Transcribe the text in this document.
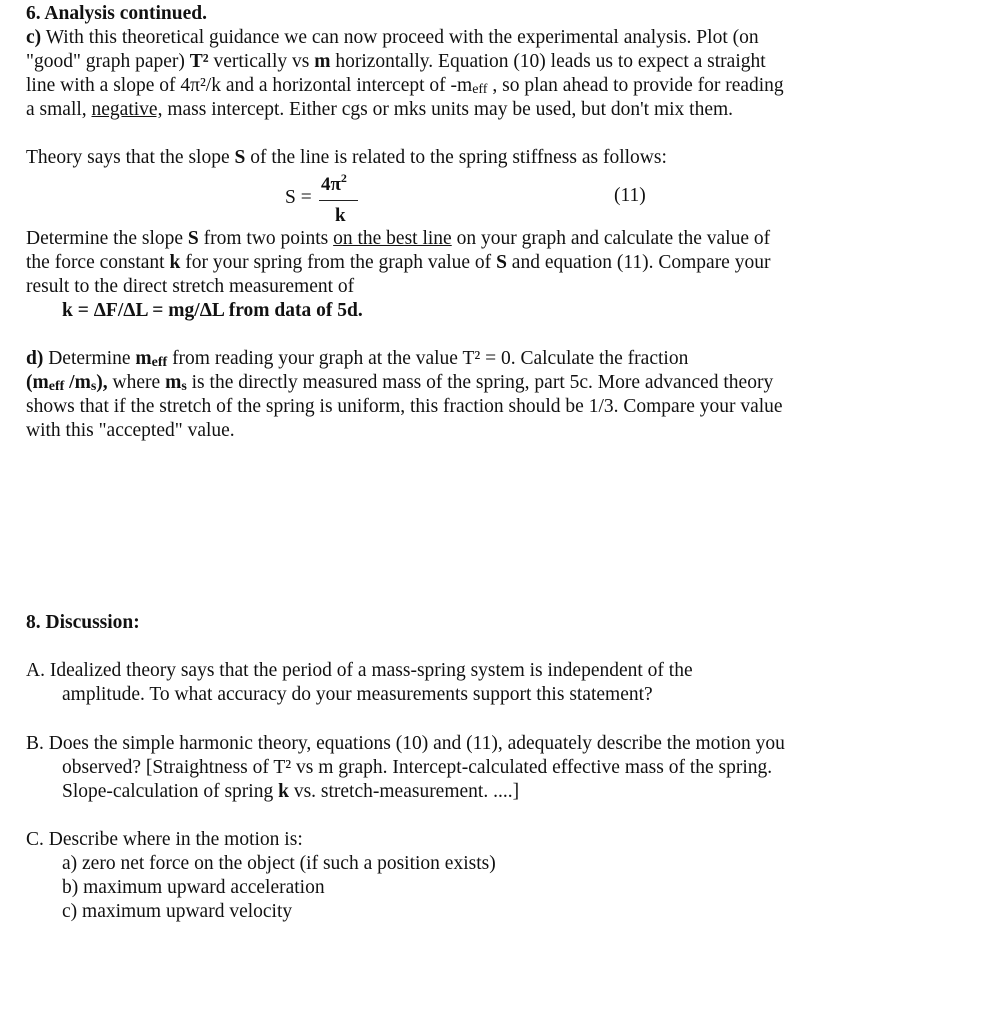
6. Analysis continued.
c) With this theoretical guidance we can now proceed with the experimental analysis. Plot (on
"good" graph paper) T² vertically vs m horizontally. Equation (10) leads us to expect a straight
line with a slope of 4π²/k and a horizontal intercept of $-m_{eff}$ , so plan ahead to provide for reading
a small, negative, mass intercept. Either cgs or mks units may be used, but don't mix them.
Theory says that the slope S of the line is related to the spring stiffness as follows:
S =
$4\pi^2$
k
(11)
Determine the slope S from two points on the best line on your graph and calculate the value of
the force constant k for your spring from the graph value of S and equation (11). Compare your
result to the direct stretch measurement of
k = ΔF/ΔL = mg/ΔL from data of 5d.
d) Determine $m_{eff}$ from reading your graph at the value T² = 0. Calculate the fraction
($m_{eff}$ $/m_s$), where $m_s$ is the directly measured mass of the spring, part 5c. More advanced theory
shows that if the stretch of the spring is uniform, this fraction should be 1/3. Compare your value
with this "accepted" value.
8. Discussion:
A. Idealized theory says that the period of a mass-spring system is independent of the
amplitude. To what accuracy do your measurements support this statement?
B. Does the simple harmonic theory, equations (10) and (11), adequately describe the motion you
observed? [Straightness of T² vs m graph. Intercept-calculated effective mass of the spring.
Slope-calculation of spring k vs. stretch-measurement. ....]
C. Describe where in the motion is:
a) zero net force on the object (if such a position exists)
b) maximum upward acceleration
c) maximum upward velocity
